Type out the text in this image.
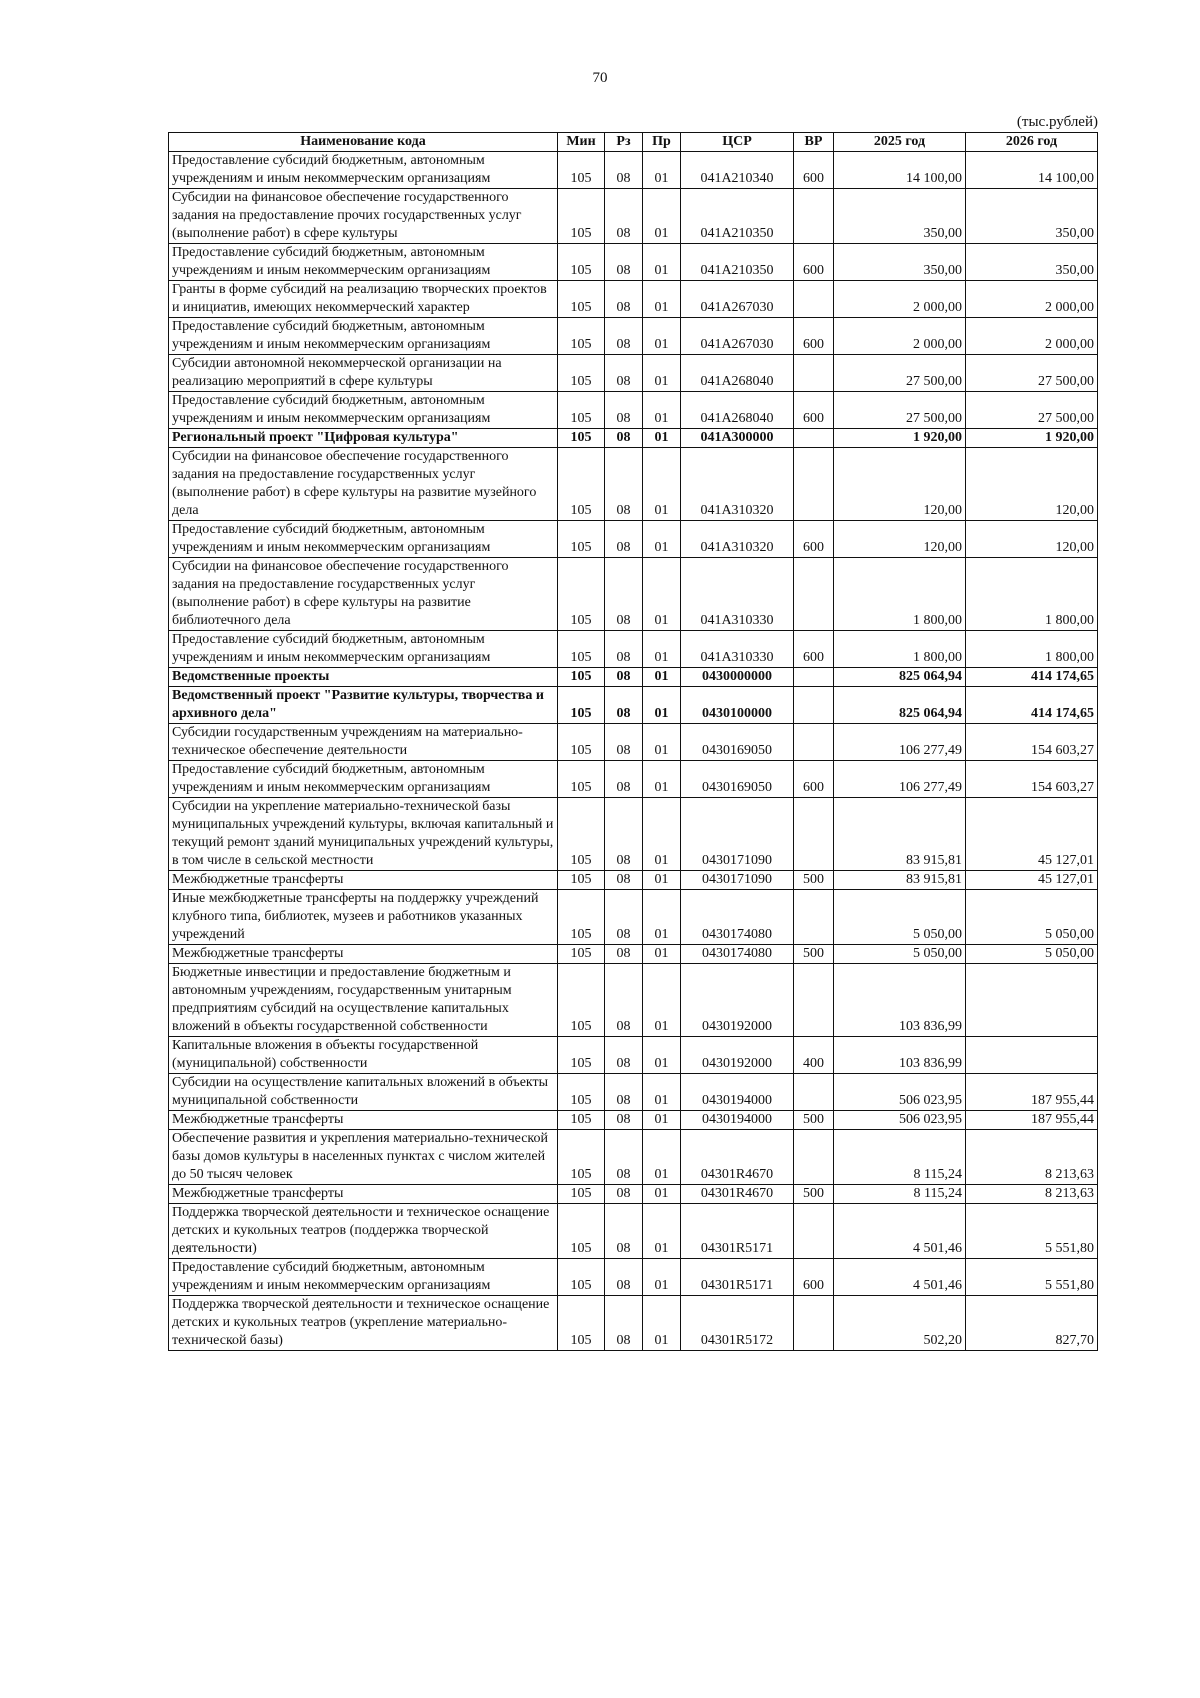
70
(тыс.рублей)
Наименование кода	Мин	Рз	Пр	ЦСР	ВР	2025 год	2026 год
Предоставление субсидий бюджетным, автономным учреждениям и иным некоммерческим организациям	105	08	01	041A210340	600	14 100,00	14 100,00
Субсидии на финансовое обеспечение государственного задания на предоставление прочих государственных услуг (выполнение работ) в сфере культуры	105	08	01	041A210350		350,00	350,00
Предоставление субсидий бюджетным, автономным учреждениям и иным некоммерческим организациям	105	08	01	041A210350	600	350,00	350,00
Гранты в форме субсидий на реализацию творческих проектов и инициатив, имеющих некоммерческий характер	105	08	01	041A267030		2 000,00	2 000,00
Предоставление субсидий бюджетным, автономным учреждениям и иным некоммерческим организациям	105	08	01	041A267030	600	2 000,00	2 000,00
Субсидии автономной некоммерческой организации на реализацию мероприятий в сфере культуры	105	08	01	041A268040		27 500,00	27 500,00
Предоставление субсидий бюджетным, автономным учреждениям и иным некоммерческим организациям	105	08	01	041A268040	600	27 500,00	27 500,00
Региональный проект "Цифровая культура"	105	08	01	041A300000		1 920,00	1 920,00
Субсидии на финансовое обеспечение государственного задания на предоставление государственных услуг (выполнение работ) в сфере культуры на развитие музейного дела	105	08	01	041A310320		120,00	120,00
Предоставление субсидий бюджетным, автономным учреждениям и иным некоммерческим организациям	105	08	01	041A310320	600	120,00	120,00
Субсидии на финансовое обеспечение государственного задания на предоставление государственных услуг (выполнение работ) в сфере культуры на развитие библиотечного дела	105	08	01	041A310330		1 800,00	1 800,00
Предоставление субсидий бюджетным, автономным учреждениям и иным некоммерческим организациям	105	08	01	041A310330	600	1 800,00	1 800,00
Ведомственные проекты	105	08	01	0430000000		825 064,94	414 174,65
Ведомственный проект "Развитие культуры, творчества и архивного дела"	105	08	01	0430100000		825 064,94	414 174,65
Субсидии государственным учреждениям на материально-техническое обеспечение деятельности	105	08	01	0430169050		106 277,49	154 603,27
Предоставление субсидий бюджетным, автономным учреждениям и иным некоммерческим организациям	105	08	01	0430169050	600	106 277,49	154 603,27
Субсидии на укрепление материально-технической базы муниципальных учреждений культуры, включая капитальный и текущий ремонт зданий муниципальных учреждений культуры, в том числе в сельской местности	105	08	01	0430171090		83 915,81	45 127,01
Межбюджетные трансферты	105	08	01	0430171090	500	83 915,81	45 127,01
Иные межбюджетные трансферты на поддержку учреждений клубного типа, библиотек, музеев и работников указанных учреждений	105	08	01	0430174080		5 050,00	5 050,00
Межбюджетные трансферты	105	08	01	0430174080	500	5 050,00	5 050,00
Бюджетные инвестиции и предоставление бюджетным и автономным учреждениям, государственным унитарным предприятиям субсидий на осуществление капитальных вложений в объекты государственной собственности	105	08	01	0430192000		103 836,99	
Капитальные вложения в объекты государственной (муниципальной) собственности	105	08	01	0430192000	400	103 836,99	
Субсидии на осуществление капитальных вложений в объекты муниципальной собственности	105	08	01	0430194000		506 023,95	187 955,44
Межбюджетные трансферты	105	08	01	0430194000	500	506 023,95	187 955,44
Обеспечение развития и укрепления материально-технической базы домов культуры в населенных пунктах с числом жителей до 50 тысяч человек	105	08	01	04301R4670		8 115,24	8 213,63
Межбюджетные трансферты	105	08	01	04301R4670	500	8 115,24	8 213,63
Поддержка творческой деятельности и техническое оснащение детских и кукольных театров (поддержка творческой деятельности)	105	08	01	04301R5171		4 501,46	5 551,80
Предоставление субсидий бюджетным, автономным учреждениям и иным некоммерческим организациям	105	08	01	04301R5171	600	4 501,46	5 551,80
Поддержка творческой деятельности и техническое оснащение детских и кукольных театров (укрепление материально-технической базы)	105	08	01	04301R5172		502,20	827,70
